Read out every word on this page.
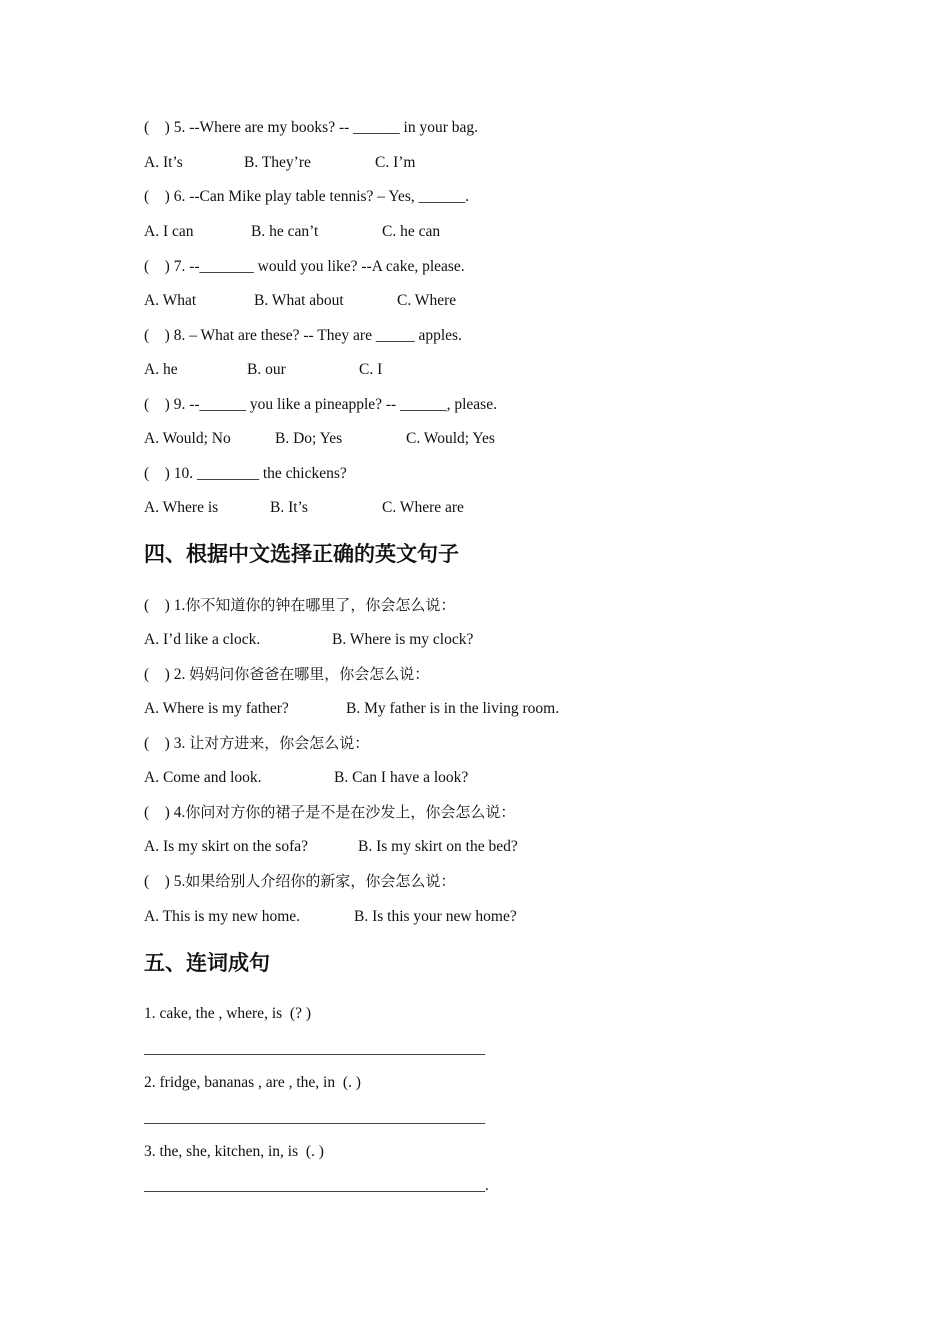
(    ) 5. --Where are my books? -- ______ in your bag.

A. It’s

	B. They’re

	C. I’m

(    ) 6. --Can Mike play table tennis? – Yes, ______.

A. I can

	B. he can’t

	C. he can

(    ) 7. --_______ would you like? --A cake, please.

A. What

	B. What about

	C. Where

(    ) 8. – What are these? -- They are _____ apples.

A. he

	B. our

	C. I

(    ) 9. --______ you like a pineapple? -- ______, please.

A. Would; No

	B. Do; Yes

	C. Would; Yes

(    ) 10. ________ the chickens?

A. Where is

	B. It’s

	C. Where are

四、根据中文选择正确的英文句子
(    ) 1.你不知道你的钟在哪里了，你会怎么说：

A. I’d like a clock.

	B. Where is my clock?

(    ) 2. 妈妈问你爸爸在哪里，你会怎么说：

A. Where is my father?

	B. My father is in the living room.

(    ) 3. 让对方进来，你会怎么说：

A. Come and look.

	B. Can I have a look?

(    ) 4.你问对方你的裙子是不是在沙发上，你会怎么说：

A. Is my skirt on the sofa?

	B. Is my skirt on the bed?

(    ) 5.如果给别人介绍你的新家，你会怎么说：

A. This is my new home.

	B. Is this your new home?

五、连词成句
1. cake, the , where, is  (? )
____________________________________________
2. fridge, bananas , are , the, in  (. )
____________________________________________
3. the, she, kitchen, in, is  (. )
____________________________________________.
